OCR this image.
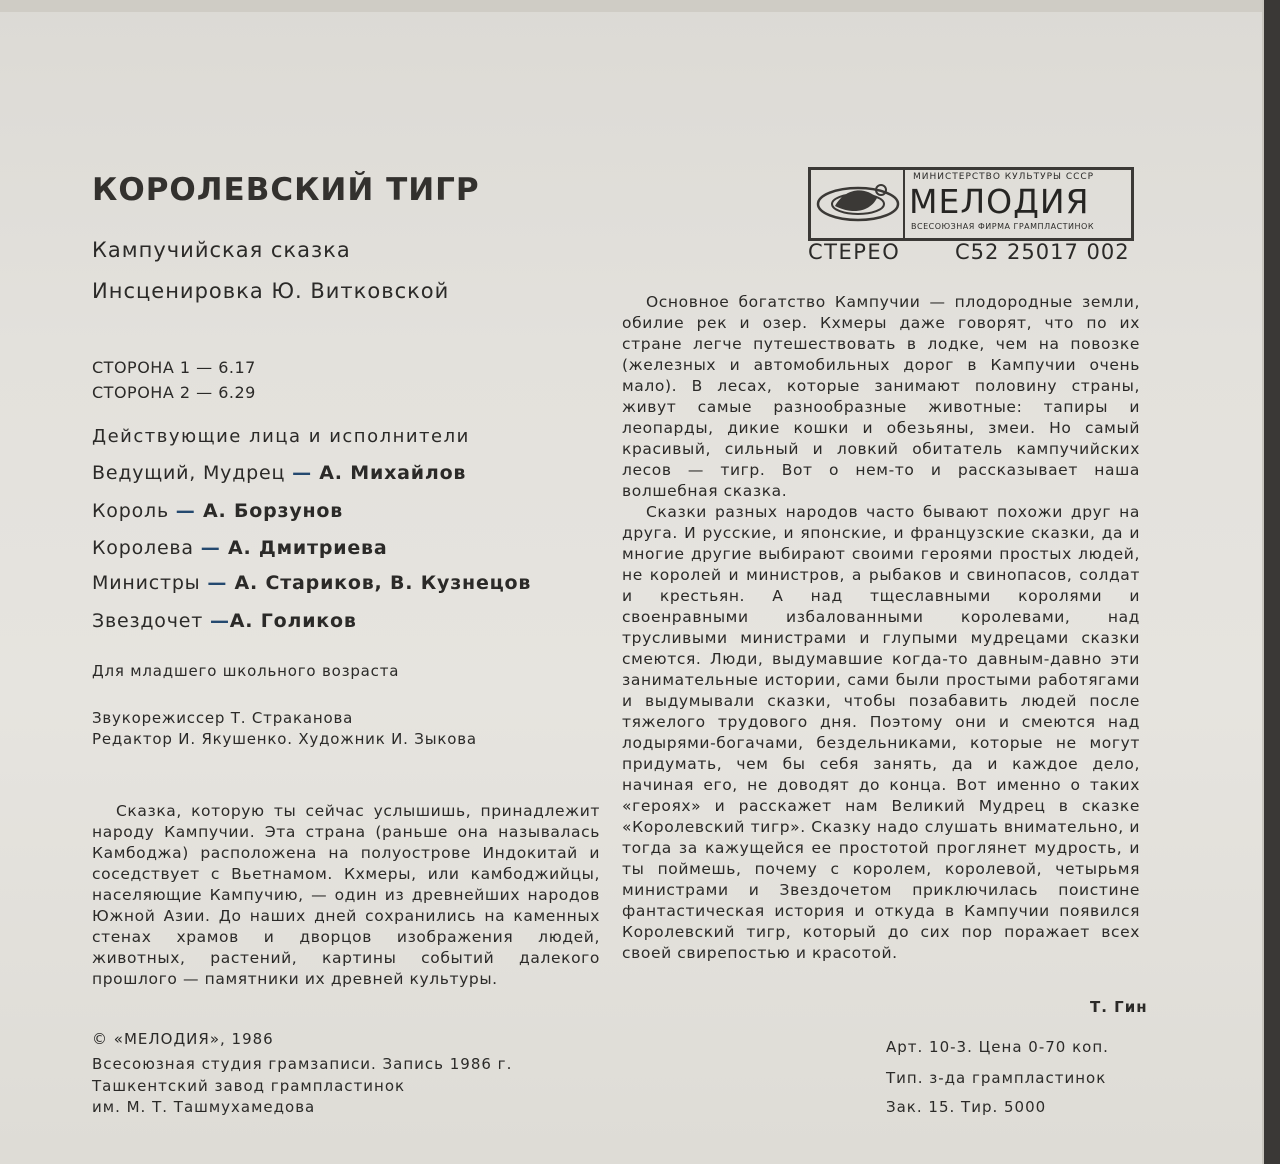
КОРОЛЕВСКИЙ ТИГР
Кампучийская сказка
Инсценировка Ю. Витковской
СТОРОНА 1 — 6.17
СТОРОНА 2 — 6.29
Действующие лица и исполнители
Ведущий, Мудрец — А. Михайлов
Король — А. Борзунов
Королева — А. Дмитриева
Министры — А. Стариков, В. Кузнецов
Звездочет —А. Голиков
Для младшего школьного возраста
Звукорежиссер Т. Страканова
Редактор И. Якушенко. Художник И. Зыкова
МИНИСТЕРСТВО КУЛЬТУРЫ СССР
МЕЛОДИЯ
ВСЕСОЮЗНАЯ ФИРМА ГРАМПЛАСТИНОК
СТЕРЕО	С52 25017 002

Основное богатство Кампучии — плодородные земли, обилие рек и озер. Кхмеры даже говорят, что по их стране легче путешествовать в лодке, чем на повозке (железных и автомобильных дорог в Кампучии очень мало). В лесах, которые занимают половину страны, живут самые разнообразные животные: тапиры и леопарды, дикие кошки и обезьяны, змеи. Но самый красивый, сильный и ловкий обитатель кампучийских лесов — тигр. Вот о нем-то и рассказывает наша волшебная сказка.

Сказки разных народов часто бывают похожи друг на друга. И русские, и японские, и французские сказки, да и многие другие выбирают своими героями простых людей, не королей и министров, а рыбаков и свинопасов, солдат и крестьян. А над тщеславными королями и своенравными избалованными королевами, над трусливыми министрами и глупыми мудрецами сказки смеются. Люди, выдумавшие когда-то давным-давно эти занимательные истории, сами были простыми работягами и выдумывали сказки, чтобы позабавить людей после тяжелого трудового дня. Поэтому они и смеются над лодырями-богачами, бездельниками, которые не могут придумать, чем бы себя занять, да и каждое дело, начиная его, не доводят до конца. Вот именно о таких «героях» и расскажет нам Великий Мудрец в сказке «Королевский тигр». Сказку надо слушать внимательно, и тогда за кажущейся ее простотой проглянет мудрость, и ты поймешь, почему с королем, королевой, четырьмя министрами и Звездочетом приключилась поистине фантастическая история и откуда в Кампучии появился Королевский тигр, который до сих пор поражает всех своей свирепостью и красотой.

Т. Гин

Сказка, которую ты сейчас услышишь, принадлежит народу Кампучии. Эта страна (раньше она называлась Камбоджа) расположена на полуострове Индокитай и соседствует с Вьетнамом. Кхмеры, или камбоджийцы, населяющие Кампучию, — один из древнейших народов Южной Азии. До наших дней сохранились на каменных стенах храмов и дворцов изображения людей, животных, растений, картины событий далекого прошлого — памятники их древней культуры.

© «МЕЛОДИЯ», 1986
Всесоюзная студия грамзаписи. Запись 1986 г.
Ташкентский завод грампластинок
им. М. Т. Ташмухамедова
Арт. 10-3. Цена 0-70 коп.
Тип. з-да грампластинок
Зак. 15. Тир. 5000
